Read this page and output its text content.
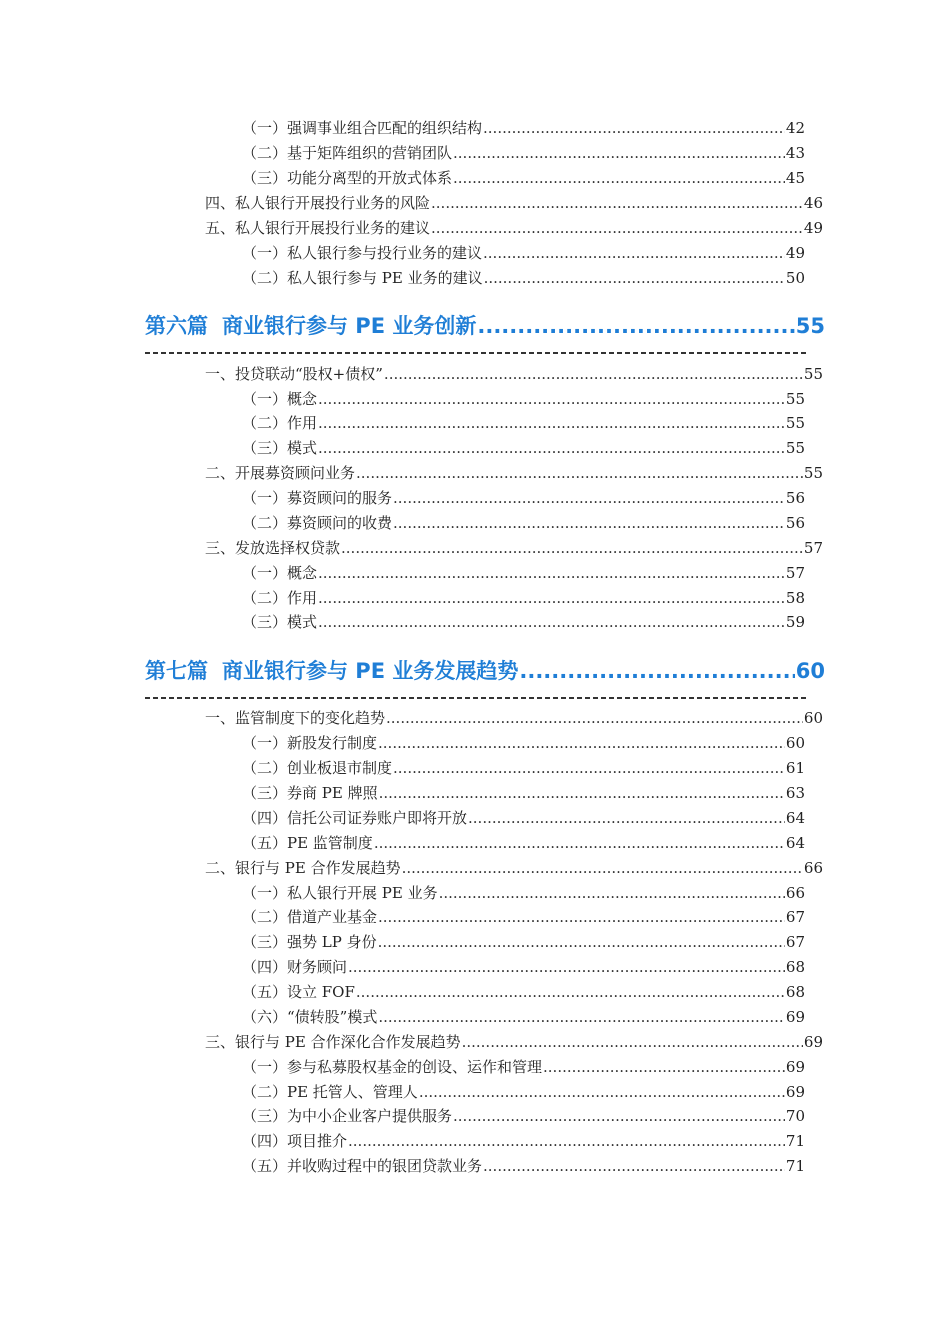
（一）强调事业组合匹配的组织结构 .....	42
（二）基于矩阵组织的营销团队 .....	43
（三）功能分离型的开放式体系 .....	45
四、私人银行开展投行业务的风险 .....	46
五、私人银行开展投行业务的建议 .....	49
（一）私人银行参与投行业务的建议 .....	49
（二）私人银行参与 PE 业务的建议 .....	50
第六篇 商业银行参与 PE 业务创新 .....	55
一、投贷联动“股权+债权” .....	55
（一）概念 .....	55
（二）作用 .....	55
（三）模式 .....	55
二、开展募资顾问业务 .....	55
（一）募资顾问的服务 .....	56
（二）募资顾问的收费 .....	56
三、发放选择权贷款 .....	57
（一）概念 .....	57
（二）作用 .....	58
（三）模式 .....	59
第七篇 商业银行参与 PE 业务发展趋势 .....	60
一、监管制度下的变化趋势 .....	60
（一）新股发行制度 .....	60
（二）创业板退市制度 .....	61
（三）券商 PE 牌照 .....	63
（四）信托公司证券账户即将开放 .....	64
（五）PE 监管制度 .....	64
二、银行与 PE 合作发展趋势 .....	66
（一）私人银行开展 PE 业务 .....	66
（二）借道产业基金 .....	67
（三）强势 LP 身份 .....	67
（四）财务顾问 .....	68
（五）设立 FOF .....	68
（六）“债转股”模式 .....	69
三、银行与 PE 合作深化合作发展趋势 .....	69
（一）参与私募股权基金的创设、运作和管理 .....	69
（二）PE 托管人、管理人 .....	69
（三）为中小企业客户提供服务 .....	70
（四）项目推介 .....	71
（五）并收购过程中的银团贷款业务 .....	71
